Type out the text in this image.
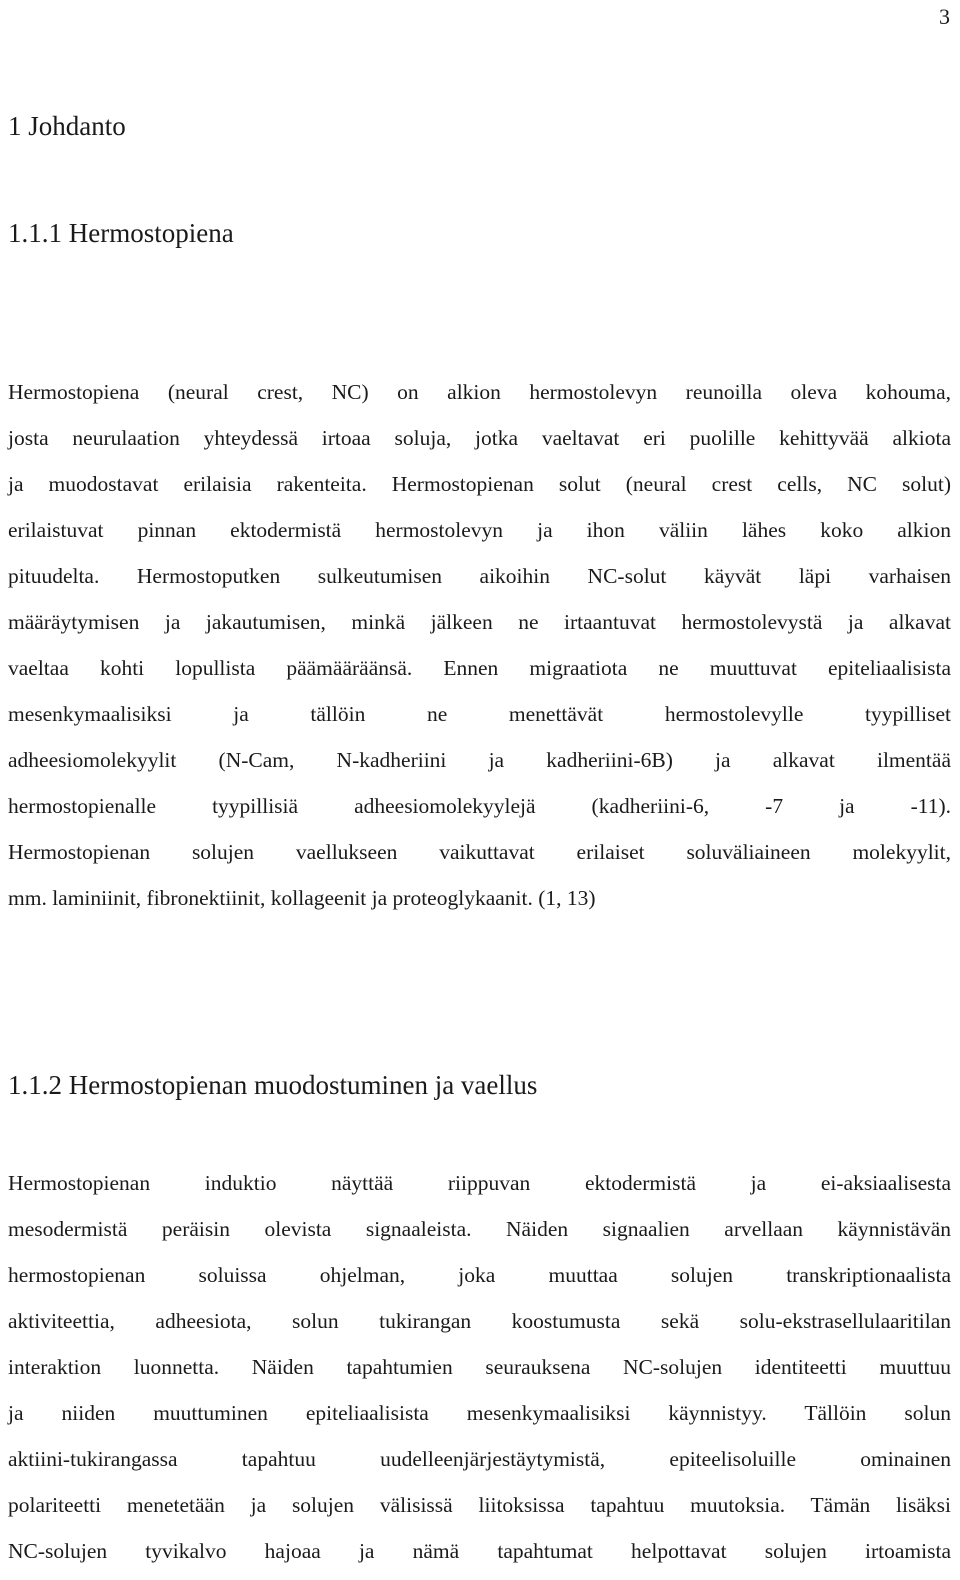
3
1 Johdanto
1.1.1 Hermostopiena
Hermostopiena (neural crest, NC) on alkion hermostolevyn reunoilla oleva kohouma,
josta neurulaation yhteydessä irtoaa soluja, jotka vaeltavat eri puolille kehittyvää alkiota
ja muodostavat erilaisia rakenteita. Hermostopienan solut (neural crest cells, NC solut)
erilaistuvat pinnan ektodermistä hermostolevyn ja ihon väliin lähes koko alkion
pituudelta. Hermostoputken sulkeutumisen aikoihin NC-solut käyvät läpi varhaisen
määräytymisen ja jakautumisen, minkä jälkeen ne irtaantuvat hermostolevystä ja alkavat
vaeltaa kohti lopullista päämääräänsä. Ennen migraatiota ne muuttuvat epiteliaalisista
mesenkymaalisiksi ja tällöin ne menettävät hermostolevylle tyypilliset
adheesiomolekyylit (N-Cam, N-kadheriini ja kadheriini-6B) ja alkavat ilmentää
hermostopienalle tyypillisiä adheesiomolekyylejä (kadheriini-6, -7 ja -11).
Hermostopienan solujen vaellukseen vaikuttavat erilaiset soluväliaineen molekyylit,
mm. laminiinit, fibronektiinit, kollageenit ja proteoglykaanit. (1, 13)
1.1.2 Hermostopienan muodostuminen ja vaellus
Hermostopienan induktio näyttää riippuvan ektodermistä ja ei-aksiaalisesta
mesodermistä peräisin olevista signaaleista. Näiden signaalien arvellaan käynnistävän
hermostopienan soluissa ohjelman, joka muuttaa solujen transkriptionaalista
aktiviteettia, adheesiota, solun tukirangan koostumusta sekä solu-ekstrasellulaaritilan
interaktion luonnetta. Näiden tapahtumien seurauksena NC-solujen identiteetti muuttuu
ja niiden muuttuminen epiteliaalisista mesenkymaalisiksi käynnistyy. Tällöin solun
aktiini-tukirangassa tapahtuu uudelleenjärjestäytymistä, epiteelisoluille ominainen
polariteetti menetetään ja solujen välisissä liitoksissa tapahtuu muutoksia. Tämän lisäksi
NC-solujen tyvikalvo hajoaa ja nämä tapahtumat helpottavat solujen irtoamista
